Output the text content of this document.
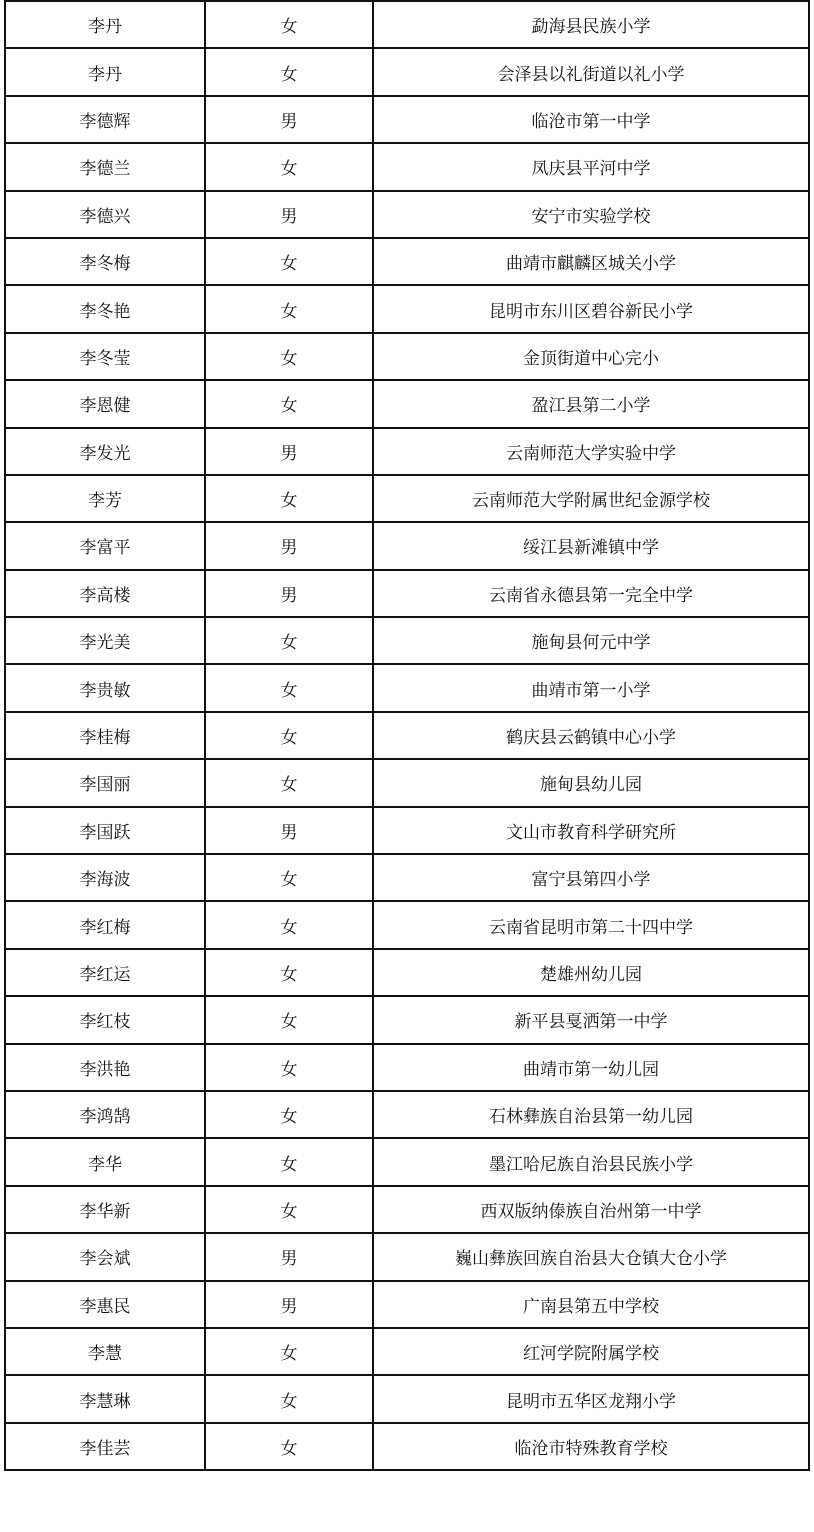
李丹	女	勐海县民族小学
李丹	女	会泽县以礼街道以礼小学
李德辉	男	临沧市第一中学
李德兰	女	凤庆县平河中学
李德兴	男	安宁市实验学校
李冬梅	女	曲靖市麒麟区城关小学
李冬艳	女	昆明市东川区碧谷新民小学
李冬莹	女	金顶街道中心完小
李恩健	女	盈江县第二小学
李发光	男	云南师范大学实验中学
李芳	女	云南师范大学附属世纪金源学校
李富平	男	绥江县新滩镇中学
李高楼	男	云南省永德县第一完全中学
李光美	女	施甸县何元中学
李贵敏	女	曲靖市第一小学
李桂梅	女	鹤庆县云鹤镇中心小学
李国丽	女	施甸县幼儿园
李国跃	男	文山市教育科学研究所
李海波	女	富宁县第四小学
李红梅	女	云南省昆明市第二十四中学
李红运	女	楚雄州幼儿园
李红枝	女	新平县戛洒第一中学
李洪艳	女	曲靖市第一幼儿园
李鸿鹄	女	石林彝族自治县第一幼儿园
李华	女	墨江哈尼族自治县民族小学
李华新	女	西双版纳傣族自治州第一中学
李会斌	男	巍山彝族回族自治县大仓镇大仓小学
李惠民	男	广南县第五中学校
李慧	女	红河学院附属学校
李慧琳	女	昆明市五华区龙翔小学
李佳芸	女	临沧市特殊教育学校
